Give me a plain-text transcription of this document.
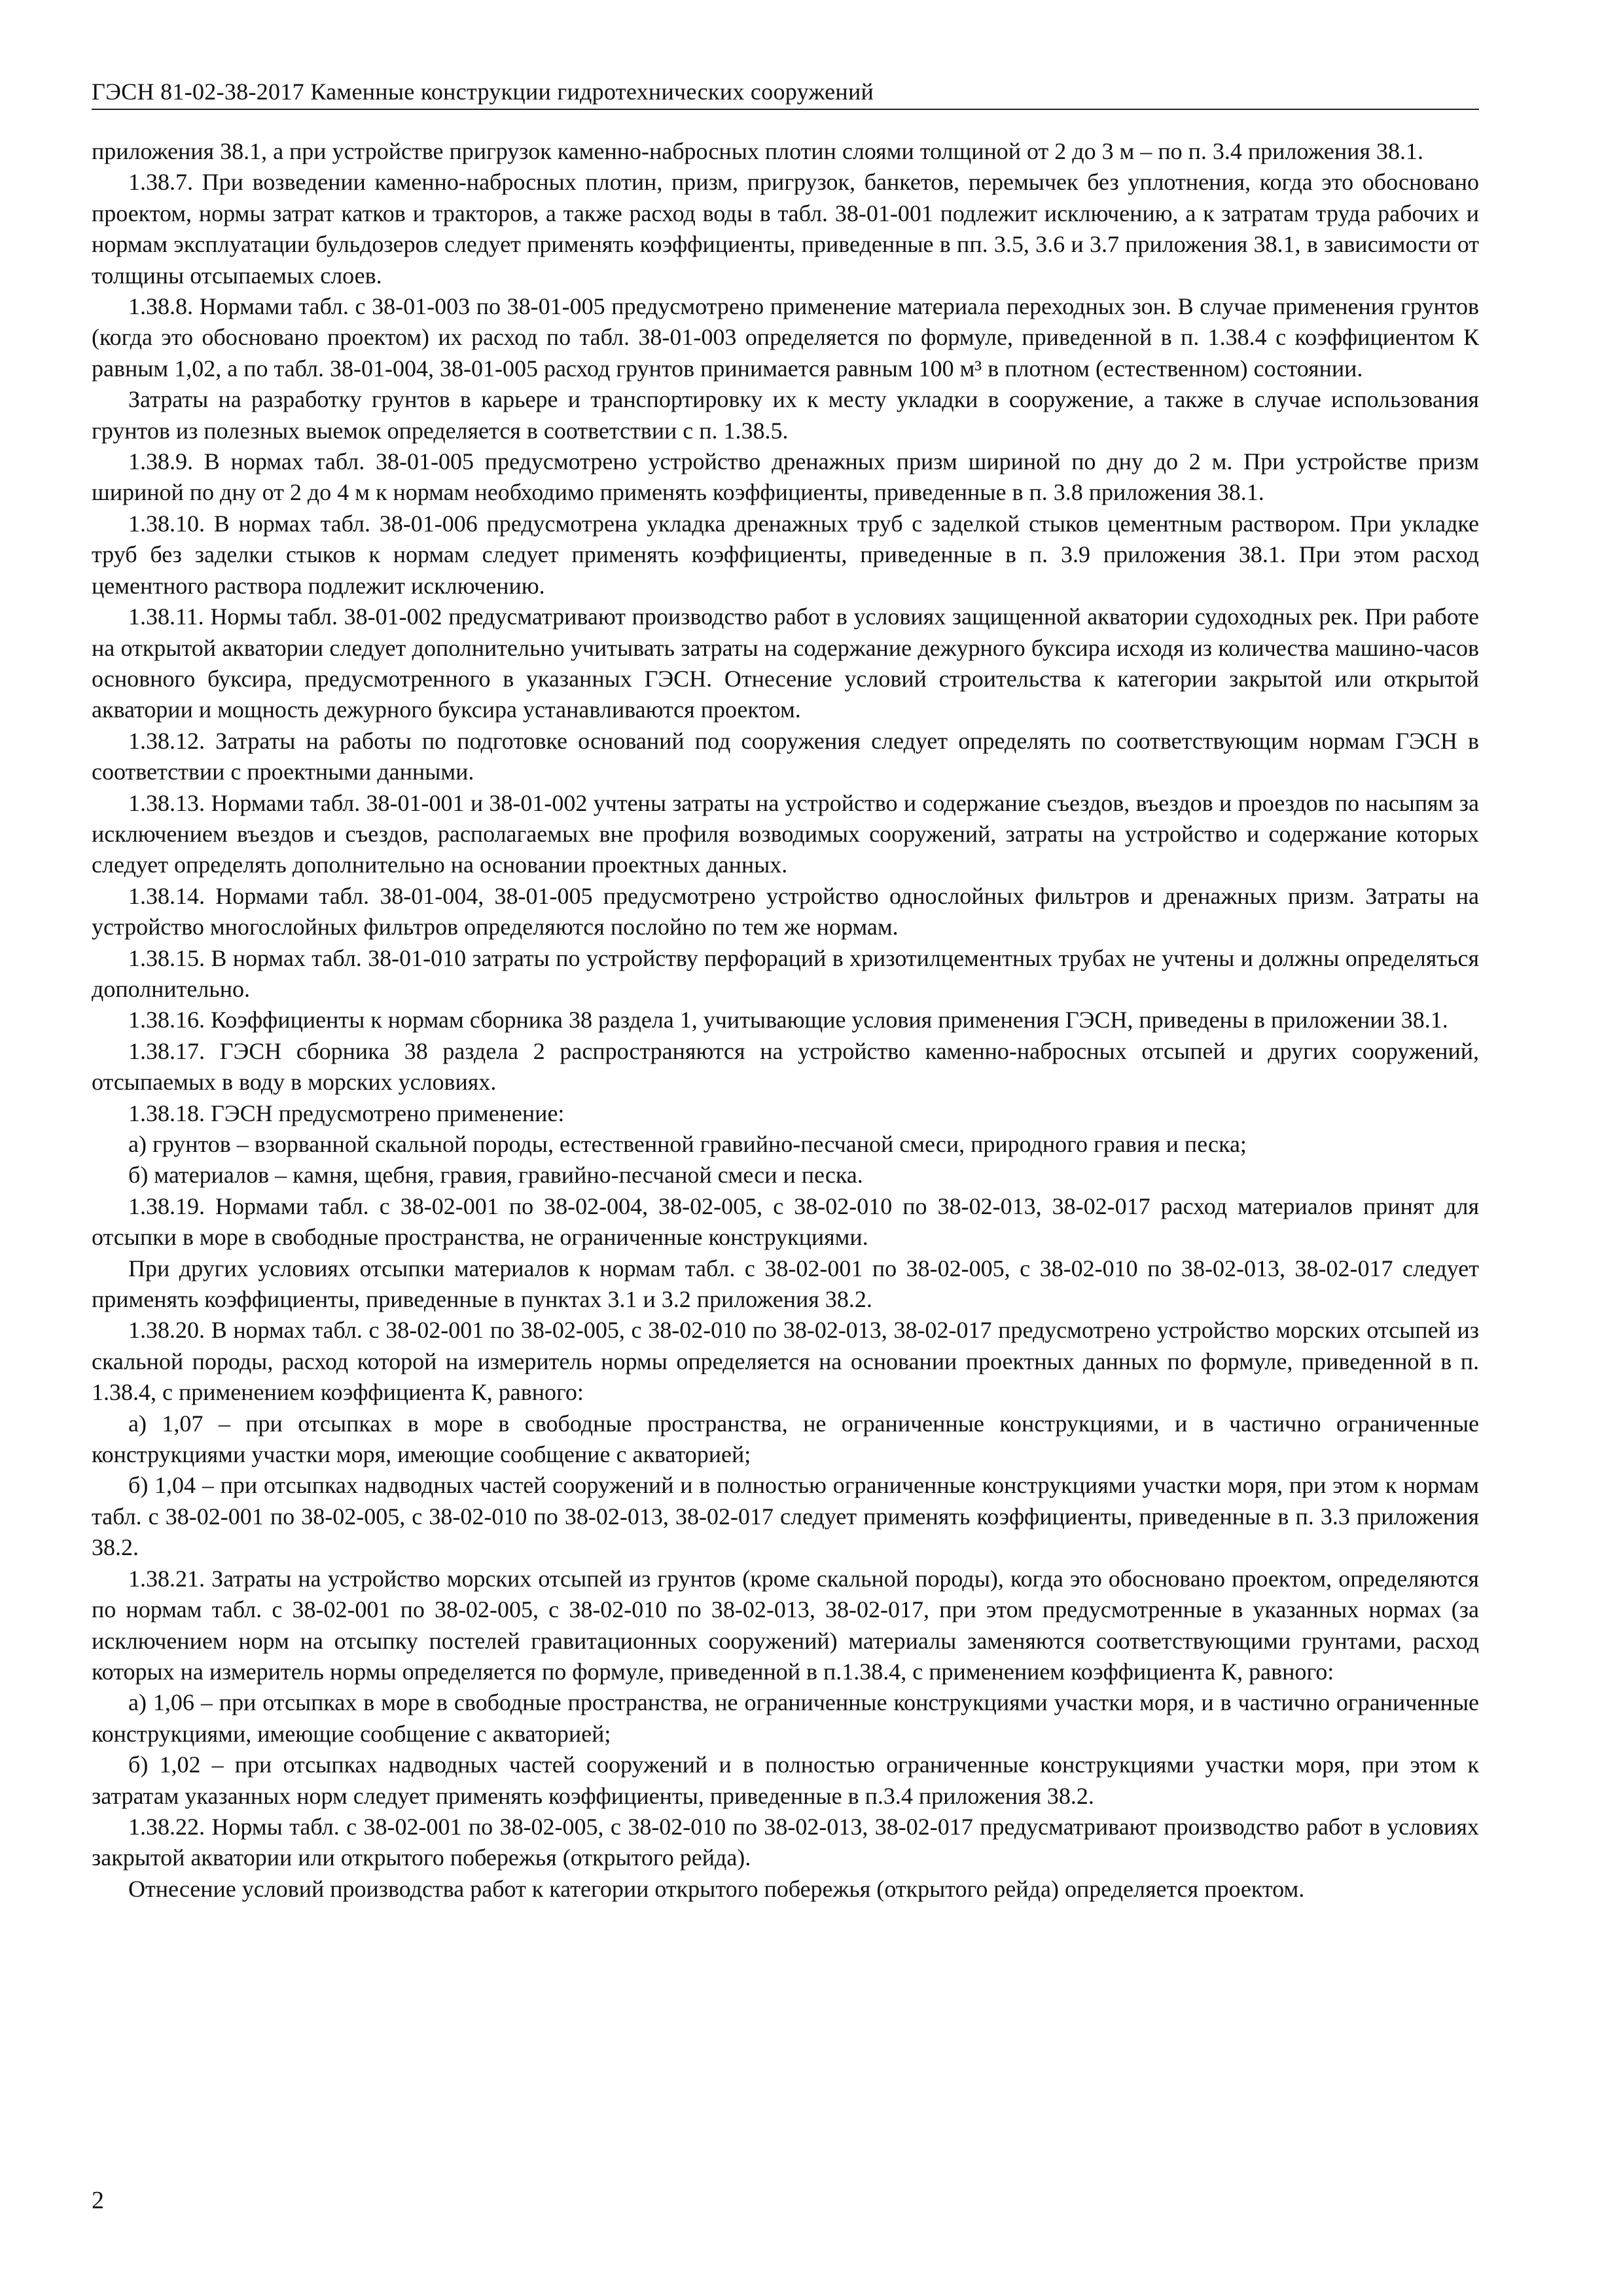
ГЭСН 81-02-38-2017 Каменные конструкции гидротехнических сооружений

приложения 38.1, а при устройстве пригрузок каменно-набросных плотин слоями толщиной от 2 до 3 м – по п. 3.4 приложения 38.1.

1.38.7. При возведении каменно-набросных плотин, призм, пригрузок, банкетов, перемычек без уплотнения, когда это обосновано проектом, нормы затрат катков и тракторов, а также расход воды в табл. 38-01-001 подлежит исключению, а к затратам труда рабочих и нормам эксплуатации бульдозеров следует применять коэффициенты, приведенные в пп. 3.5, 3.6 и 3.7 приложения 38.1, в зависимости от толщины отсыпаемых слоев.

1.38.8. Нормами табл. с 38-01-003 по 38-01-005 предусмотрено применение материала переходных зон. В случае применения грунтов (когда это обосновано проектом) их расход по табл. 38-01-003 определяется по формуле, приведенной в п. 1.38.4 с коэффициентом К равным 1,02, а по табл. 38-01-004, 38-01-005 расход грунтов принимается равным 100 м³ в плотном (естественном) состоянии.

Затраты на разработку грунтов в карьере и транспортировку их к месту укладки в сооружение, а также в случае использования грунтов из полезных выемок определяется в соответствии с п. 1.38.5.

1.38.9. В нормах табл. 38-01-005 предусмотрено устройство дренажных призм шириной по дну до 2 м. При устройстве призм шириной по дну от 2 до 4 м к нормам необходимо применять коэффициенты, приведенные в п. 3.8 приложения 38.1.

1.38.10. В нормах табл. 38-01-006 предусмотрена укладка дренажных труб с заделкой стыков цементным раствором. При укладке труб без заделки стыков к нормам следует применять коэффициенты, приведенные в п. 3.9 приложения 38.1. При этом расход цементного раствора подлежит исключению.

1.38.11. Нормы табл. 38-01-002 предусматривают производство работ в условиях защищенной акватории судоходных рек. При работе на открытой акватории следует дополнительно учитывать затраты на содержание дежурного буксира исходя из количества машино-часов основного буксира, предусмотренного в указанных ГЭСН. Отнесение условий строительства к категории закрытой или открытой акватории и мощность дежурного буксира устанавливаются проектом.

1.38.12. Затраты на работы по подготовке оснований под сооружения следует определять по соответствующим нормам ГЭСН в соответствии с проектными данными.

1.38.13. Нормами табл. 38-01-001 и 38-01-002 учтены затраты на устройство и содержание съездов, въездов и проездов по насыпям за исключением въездов и съездов, располагаемых вне профиля возводимых сооружений, затраты на устройство и содержание которых следует определять дополнительно на основании проектных данных.

1.38.14. Нормами табл. 38-01-004, 38-01-005 предусмотрено устройство однослойных фильтров и дренажных призм. Затраты на устройство многослойных фильтров определяются послойно по тем же нормам.

1.38.15. В нормах табл. 38-01-010 затраты по устройству перфораций в хризотилцементных трубах не учтены и должны определяться дополнительно.

1.38.16. Коэффициенты к нормам сборника 38 раздела 1, учитывающие условия применения ГЭСН, приведены в приложении 38.1.

1.38.17. ГЭСН сборника 38 раздела 2 распространяются на устройство каменно-набросных отсыпей и других сооружений, отсыпаемых в воду в морских условиях.

1.38.18. ГЭСН предусмотрено применение:

а) грунтов – взорванной скальной породы, естественной гравийно-песчаной смеси, природного гравия и песка;

б) материалов – камня, щебня, гравия, гравийно-песчаной смеси и песка.

1.38.19. Нормами табл. с 38-02-001 по 38-02-004, 38-02-005, с 38-02-010 по 38-02-013, 38-02-017 расход материалов принят для отсыпки в море в свободные пространства, не ограниченные конструкциями.

При других условиях отсыпки материалов к нормам табл. с 38-02-001 по 38-02-005, с 38-02-010 по 38-02-013, 38-02-017 следует применять коэффициенты, приведенные в пунктах 3.1 и 3.2 приложения 38.2.

1.38.20. В нормах табл. с 38-02-001 по 38-02-005, с 38-02-010 по 38-02-013, 38-02-017 предусмотрено устройство морских отсыпей из скальной породы, расход которой на измеритель нормы определяется на основании проектных данных по формуле, приведенной в п. 1.38.4, с применением коэффициента К, равного:

а) 1,07 – при отсыпках в море в свободные пространства, не ограниченные конструкциями, и в частично ограниченные конструкциями участки моря, имеющие сообщение с акваторией;

б) 1,04 – при отсыпках надводных частей сооружений и в полностью ограниченные конструкциями участки моря, при этом к нормам табл. с 38-02-001 по 38-02-005, с 38-02-010 по 38-02-013, 38-02-017 следует применять коэффициенты, приведенные в п. 3.3 приложения 38.2.

1.38.21. Затраты на устройство морских отсыпей из грунтов (кроме скальной породы), когда это обосновано проектом, определяются по нормам табл. с 38-02-001 по 38-02-005, с 38-02-010 по 38-02-013, 38-02-017, при этом предусмотренные в указанных нормах (за исключением норм на отсыпку постелей гравитационных сооружений) материалы заменяются соответствующими грунтами, расход которых на измеритель нормы определяется по формуле, приведенной в п.1.38.4, с применением коэффициента К, равного:

а) 1,06 – при отсыпках в море в свободные пространства, не ограниченные конструкциями участки моря, и в частично ограниченные конструкциями, имеющие сообщение с акваторией;

б) 1,02 – при отсыпках надводных частей сооружений и в полностью ограниченные конструкциями участки моря, при этом к затратам указанных норм следует применять коэффициенты, приведенные в п.3.4 приложения 38.2.

1.38.22. Нормы табл. с 38-02-001 по 38-02-005, с 38-02-010 по 38-02-013, 38-02-017 предусматривают производство работ в условиях закрытой акватории или открытого побережья (открытого рейда).

Отнесение условий производства работ к категории открытого побережья (открытого рейда) определяется проектом.

2
